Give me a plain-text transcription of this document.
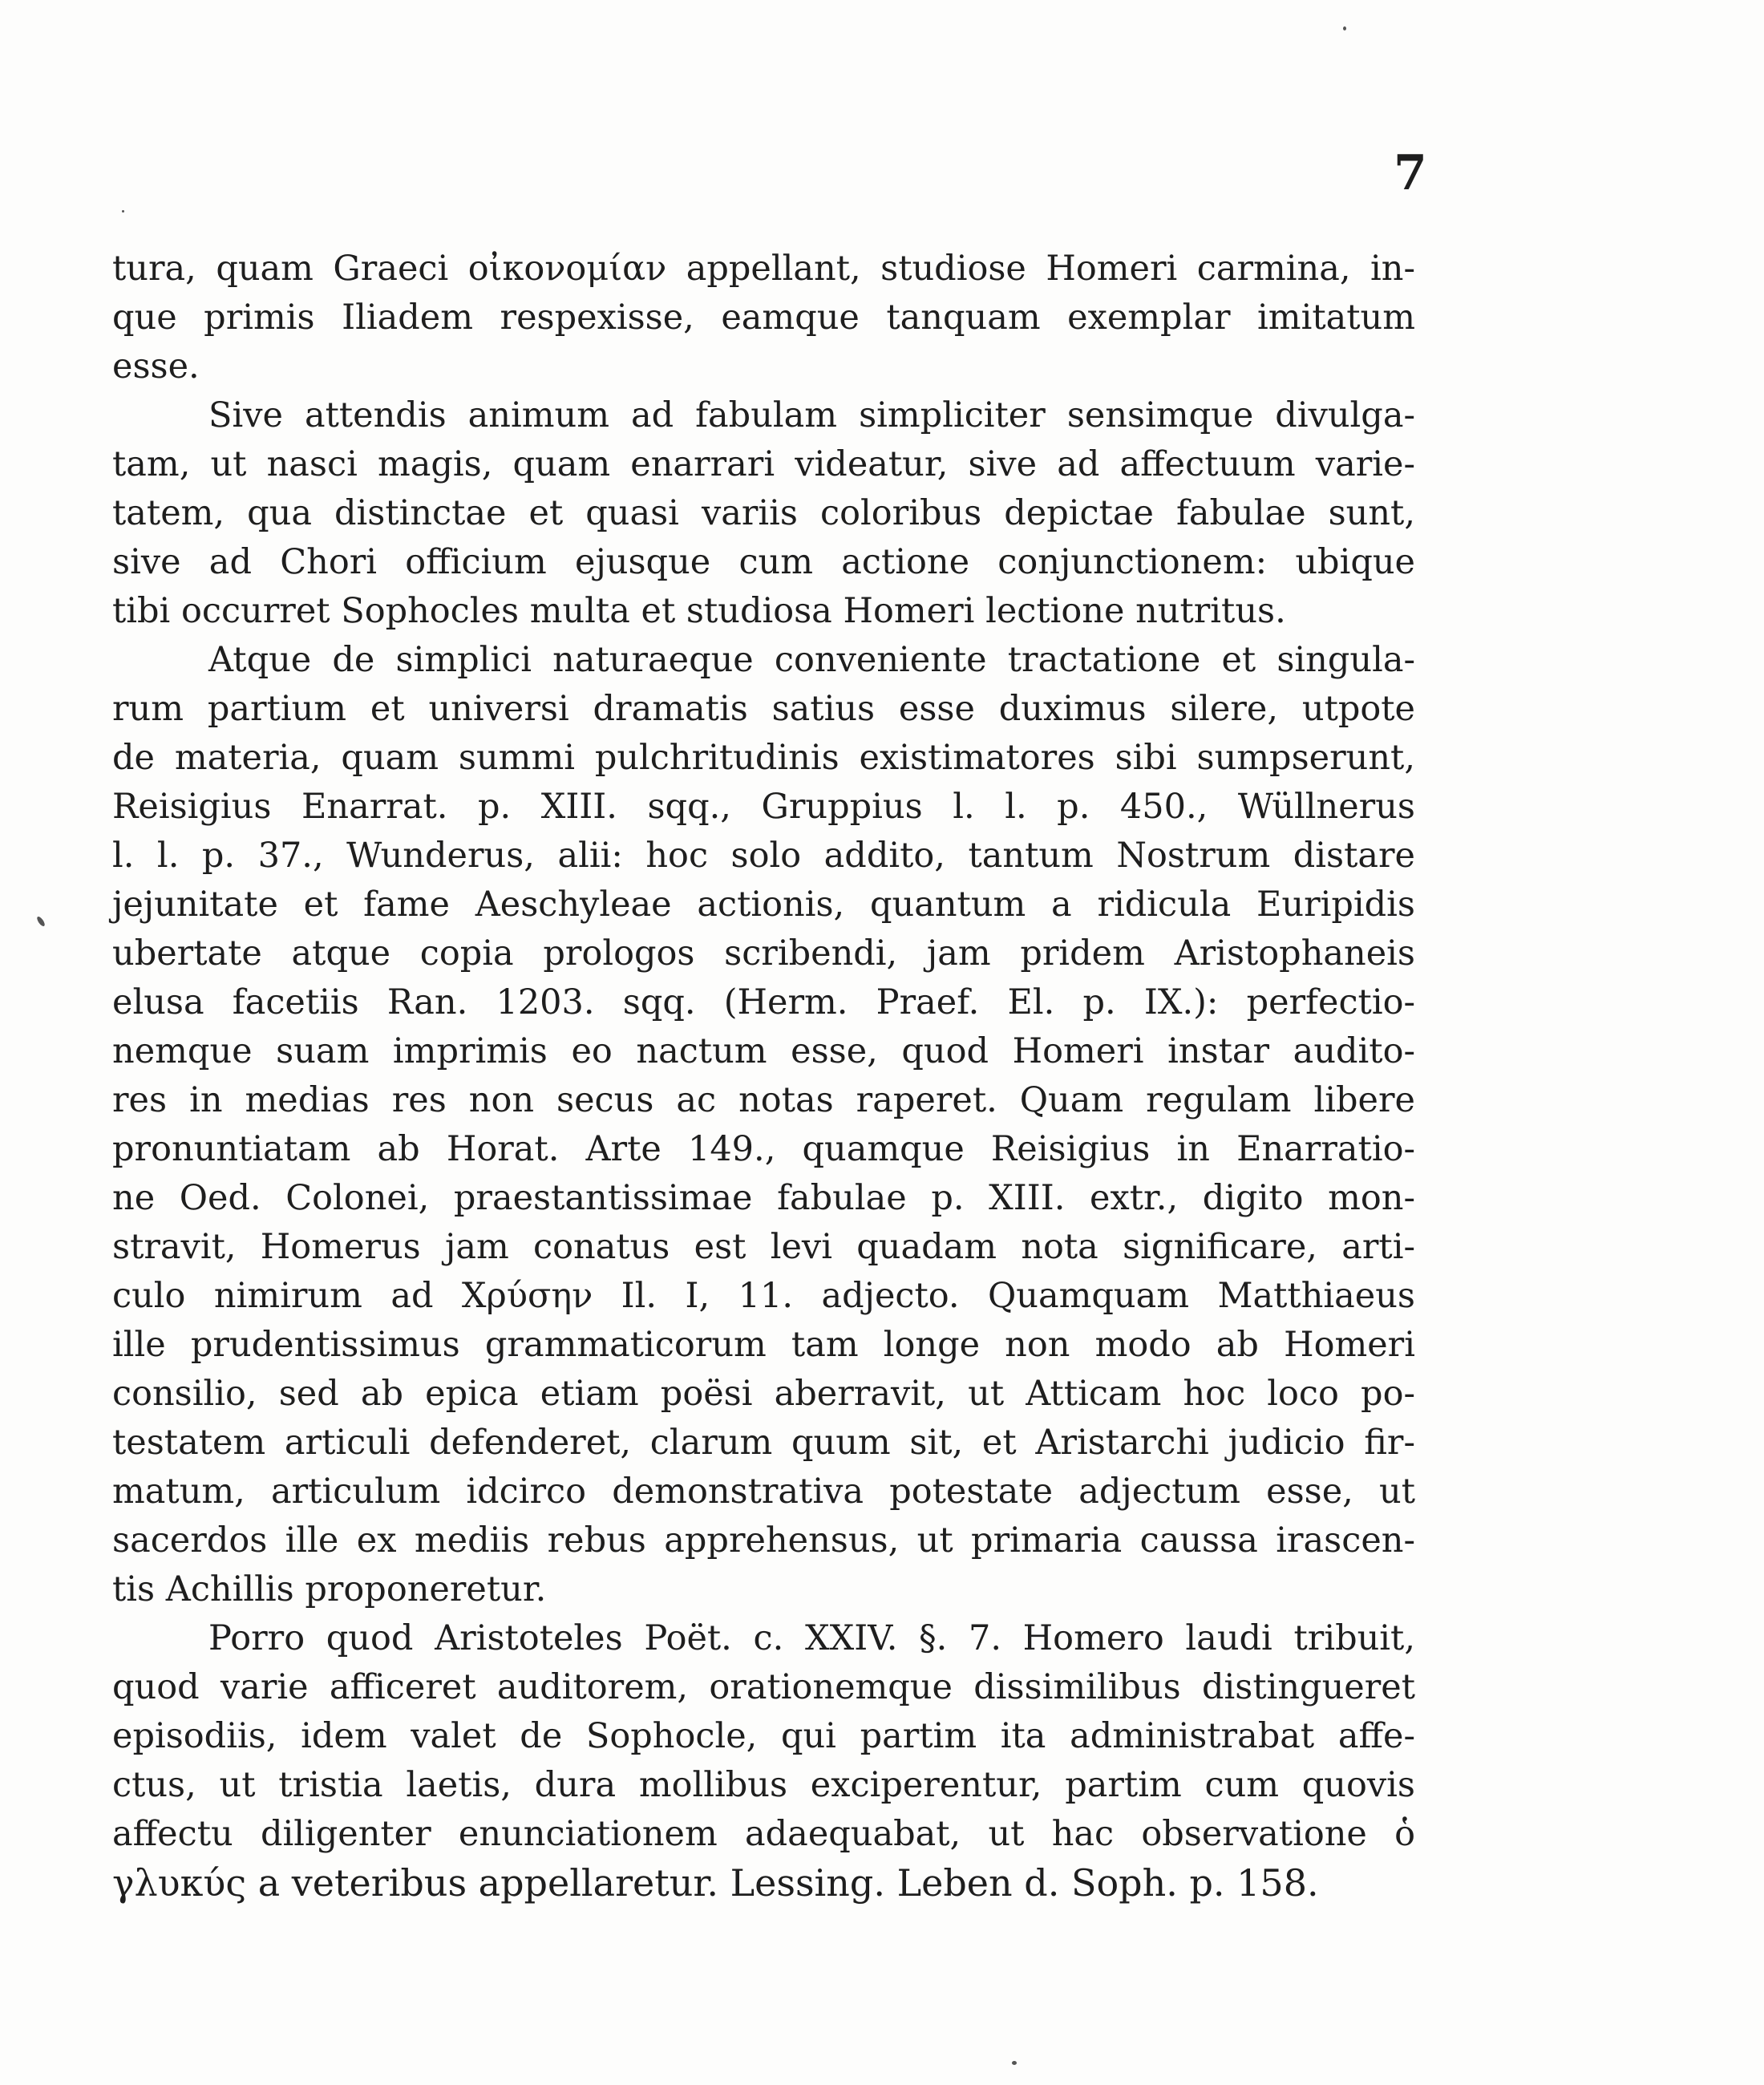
7
tura, quam Graeci οἰκονομίαν appellant, studiose Homeri carmina, in-
que primis Iliadem respexisse, eamque tanquam exemplar imitatum
esse.
Sive attendis animum ad fabulam simpliciter sensimque divulga-
tam, ut nasci magis, quam enarrari videatur, sive ad affectuum varie-
tatem, qua distinctae et quasi variis coloribus depictae fabulae sunt,
sive ad Chori officium ejusque cum actione conjunctionem: ubique
tibi occurret Sophocles multa et studiosa Homeri lectione nutritus.
Atque de simplici naturaeque conveniente tractatione et singula-
rum partium et universi dramatis satius esse duximus silere, utpote
de materia, quam summi pulchritudinis existimatores sibi sumpserunt,
Reisigius Enarrat. p. XIII. sqq., Gruppius l. l. p. 450., Wüllnerus
l. l. p. 37., Wunderus, alii: hoc solo addito, tantum Nostrum distare
jejunitate et fame Aeschyleae actionis, quantum a ridicula Euripidis
ubertate atque copia prologos scribendi, jam pridem Aristophaneis
elusa facetiis Ran. 1203. sqq. (Herm. Praef. El. p. IX.): perfectio-
nemque suam imprimis eo nactum esse, quod Homeri instar audito-
res in medias res non secus ac notas raperet. Quam regulam libere
pronuntiatam ab Horat. Arte 149., quamque Reisigius in Enarratio-
ne Oed. Colonei, praestantissimae fabulae p. XIII. extr., digito mon-
stravit, Homerus jam conatus est levi quadam nota significare, arti-
culo nimirum ad Χρύσην Il. I, 11. adjecto. Quamquam Matthiaeus
ille prudentissimus grammaticorum tam longe non modo ab Homeri
consilio, sed ab epica etiam poësi aberravit, ut Atticam hoc loco po-
testatem articuli defenderet, clarum quum sit, et Aristarchi judicio fir-
matum, articulum idcirco demonstrativa potestate adjectum esse, ut
sacerdos ille ex mediis rebus apprehensus, ut primaria caussa irascen-
tis Achillis proponeretur.
Porro quod Aristoteles Poët. c. XXIV. §. 7. Homero laudi tribuit,
quod varie afficeret auditorem, orationemque dissimilibus distingueret
episodiis, idem valet de Sophocle, qui partim ita administrabat affe-
ctus, ut tristia laetis, dura mollibus exciperentur, partim cum quovis
affectu diligenter enunciationem adaequabat, ut hac observatione ὁ
γλυκύς a veteribus appellaretur. Lessing. Leben d. Soph. p. 158.
